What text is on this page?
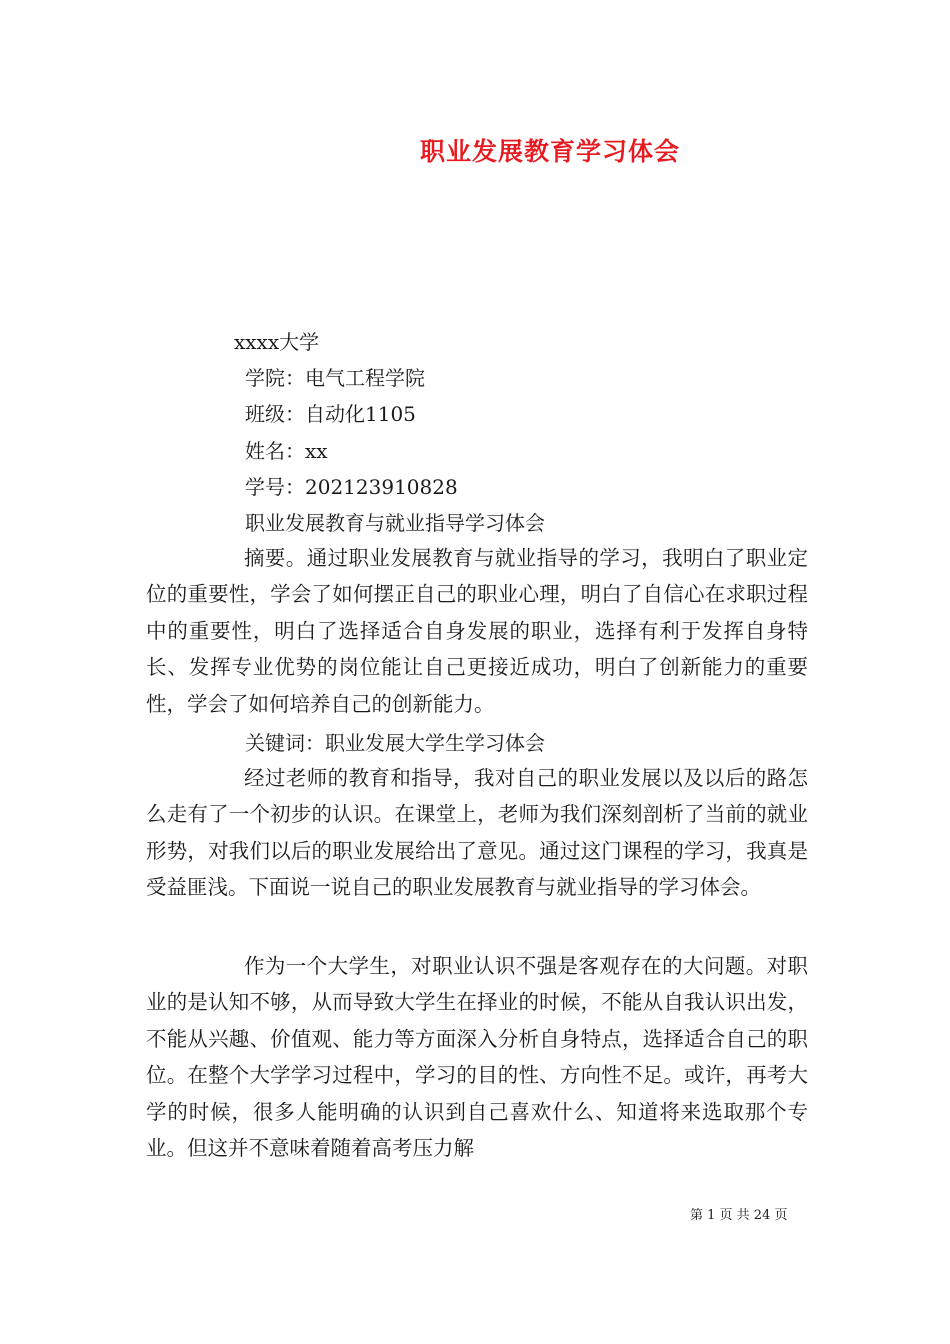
职业发展教育学习体会
xxxx大学
学院：电气工程学院
班级：自动化1105
姓名：xx
学号：202123910828
职业发展教育与就业指导学习体会

摘要。通过职业发展教育与就业指导的学习，我明白了职业定位的重要性，学会了如何摆正自己的职业心理，明白了自信心在求职过程中的重要性，明白了选择适合自身发展的职业，选择有利于发挥自身特长、发挥专业优势的岗位能让自己更接近成功，明白了创新能力的重要性，学会了如何培养自己的创新能力。

关键词：职业发展大学生学习体会

经过老师的教育和指导，我对自己的职业发展以及以后的路怎么走有了一个初步的认识。在课堂上，老师为我们深刻剖析了当前的就业形势，对我们以后的职业发展给出了意见。通过这门课程的学习，我真是受益匪浅。下面说一说自己的职业发展教育与就业指导的学习体会。

作为一个大学生，对职业认识不强是客观存在的大问题。对职业的是认知不够，从而导致大学生在择业的时候，不能从自我认识出发，不能从兴趣、价值观、能力等方面深入分析自身特点，选择适合自己的职位。在整个大学学习过程中，学习的目的性、方向性不足。或许，再考大学的时候，很多人能明确的认识到自己喜欢什么、知道将来选取那个专业。但这并不意味着随着高考压力解

第 1 页 共 24 页
